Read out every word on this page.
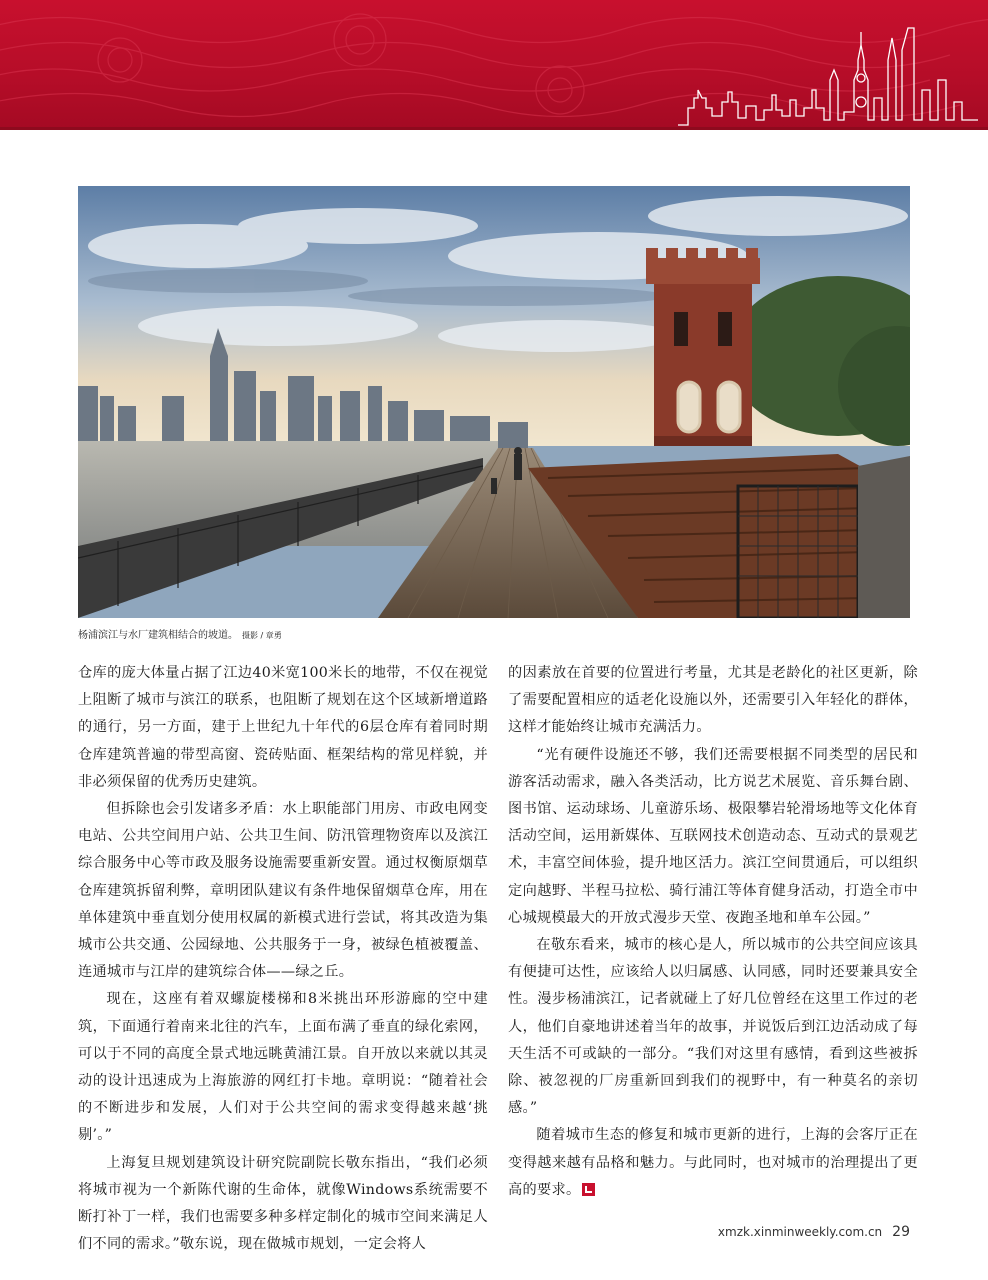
杨浦滨江与水厂建筑相结合的坡道。 摄影 / 章勇

仓库的庞大体量占据了江边40米宽100米长的地带，不仅在视觉上阻断了城市与滨江的联系，也阻断了规划在这个区域新增道路的通行，另一方面，建于上世纪九十年代的6层仓库有着同时期仓库建筑普遍的带型高窗、瓷砖贴面、框架结构的常见样貌，并非必须保留的优秀历史建筑。

但拆除也会引发诸多矛盾：水上职能部门用房、市政电网变电站、公共空间用户站、公共卫生间、防汛管理物资库以及滨江综合服务中心等市政及服务设施需要重新安置。通过权衡原烟草仓库建筑拆留利弊，章明团队建议有条件地保留烟草仓库，用在单体建筑中垂直划分使用权属的新模式进行尝试，将其改造为集城市公共交通、公园绿地、公共服务于一身，被绿色植被覆盖、连通城市与江岸的建筑综合体——绿之丘。

现在，这座有着双螺旋楼梯和8米挑出环形游廊的空中建筑，下面通行着南来北往的汽车，上面布满了垂直的绿化索网，可以于不同的高度全景式地远眺黄浦江景。自开放以来就以其灵动的设计迅速成为上海旅游的网红打卡地。章明说：“随着社会的不断进步和发展，人们对于公共空间的需求变得越来越‘挑剔’。”

上海复旦规划建筑设计研究院副院长敬东指出，“我们必须将城市视为一个新陈代谢的生命体，就像Windows系统需要不断打补丁一样，我们也需要多种多样定制化的城市空间来满足人们不同的需求。”敬东说，现在做城市规划，一定会将人

的因素放在首要的位置进行考量，尤其是老龄化的社区更新，除了需要配置相应的适老化设施以外，还需要引入年轻化的群体，这样才能始终让城市充满活力。

“光有硬件设施还不够，我们还需要根据不同类型的居民和游客活动需求，融入各类活动，比方说艺术展览、音乐舞台剧、图书馆、运动球场、儿童游乐场、极限攀岩轮滑场地等文化体育活动空间，运用新媒体、互联网技术创造动态、互动式的景观艺术，丰富空间体验，提升地区活力。滨江空间贯通后，可以组织定向越野、半程马拉松、骑行浦江等体育健身活动，打造全市中心城规模最大的开放式漫步天堂、夜跑圣地和单车公园。”

在敬东看来，城市的核心是人，所以城市的公共空间应该具有便捷可达性，应该给人以归属感、认同感，同时还要兼具安全性。漫步杨浦滨江，记者就碰上了好几位曾经在这里工作过的老人，他们自豪地讲述着当年的故事，并说饭后到江边活动成了每天生活不可或缺的一部分。“我们对这里有感情，看到这些被拆除、被忽视的厂房重新回到我们的视野中，有一种莫名的亲切感。”

随着城市生态的修复和城市更新的进行，上海的会客厅正在变得越来越有品格和魅力。与此同时，也对城市的治理提出了更高的要求。

xmzk.xinminweekly.com.cn 29
